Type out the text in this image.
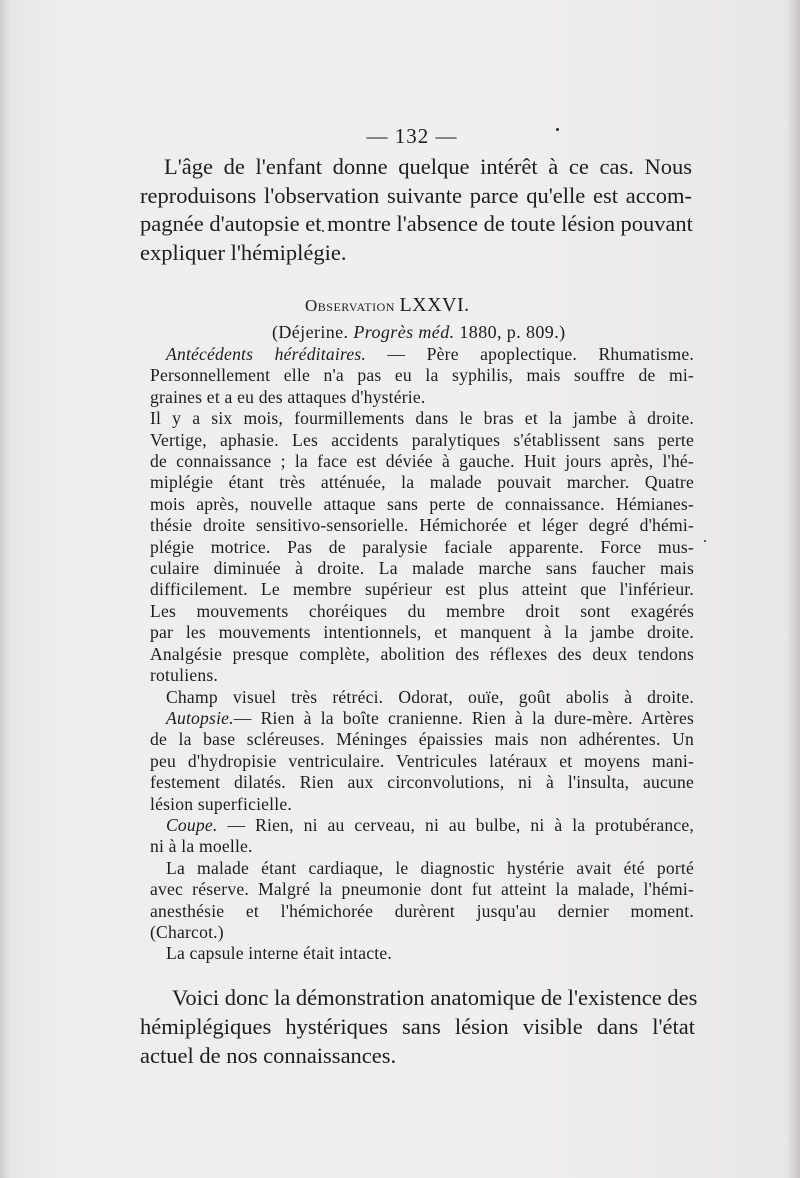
— 132 —
L'âge de l'enfant donne quelque intérêt à ce cas. Nous
reproduisons l'observation suivante parce qu'elle est accom-
pagnée d'autopsie et montre l'absence de toute lésion pouvant
expliquer l'hémiplégie.
Observation LXXVI.
(Déjerine. Progrès méd. 1880, p. 809.)
Antécédents héréditaires. — Père apoplectique. Rhumatisme.
Personnellement elle n'a pas eu la syphilis, mais souffre de mi-
graines et a eu des attaques d'hystérie.
Il y a six mois, fourmillements dans le bras et la jambe à droite.
Vertige, aphasie. Les accidents paralytiques s'établissent sans perte
de connaissance ; la face est déviée à gauche. Huit jours après, l'hé-
miplégie étant très atténuée, la malade pouvait marcher. Quatre
mois après, nouvelle attaque sans perte de connaissance. Hémianes-
thésie droite sensitivo-sensorielle. Hémichorée et léger degré d'hémi-
plégie motrice. Pas de paralysie faciale apparente. Force mus-
culaire diminuée à droite. La malade marche sans faucher mais
difficilement. Le membre supérieur est plus atteint que l'inférieur.
Les mouvements choréiques du membre droit sont exagérés
par les mouvements intentionnels, et manquent à la jambe droite.
Analgésie presque complète, abolition des réflexes des deux tendons
rotuliens.
Champ visuel très rétréci. Odorat, ouïe, goût abolis à droite.
Autopsie.— Rien à la boîte cranienne. Rien à la dure-mère. Artères
de la base scléreuses. Méninges épaissies mais non adhérentes. Un
peu d'hydropisie ventriculaire. Ventricules latéraux et moyens mani-
festement dilatés. Rien aux circonvolutions, ni à l'insulta, aucune
lésion superficielle.
Coupe. — Rien, ni au cerveau, ni au bulbe, ni à la protubérance,
ni à la moelle.
La malade étant cardiaque, le diagnostic hystérie avait été porté
avec réserve. Malgré la pneumonie dont fut atteint la malade, l'hémi-
anesthésie et l'hémichorée durèrent jusqu'au dernier moment.
(Charcot.)
La capsule interne était intacte.
Voici donc la démonstration anatomique de l'existence des
hémiplégiques hystériques sans lésion visible dans l'état
actuel de nos connaissances.
